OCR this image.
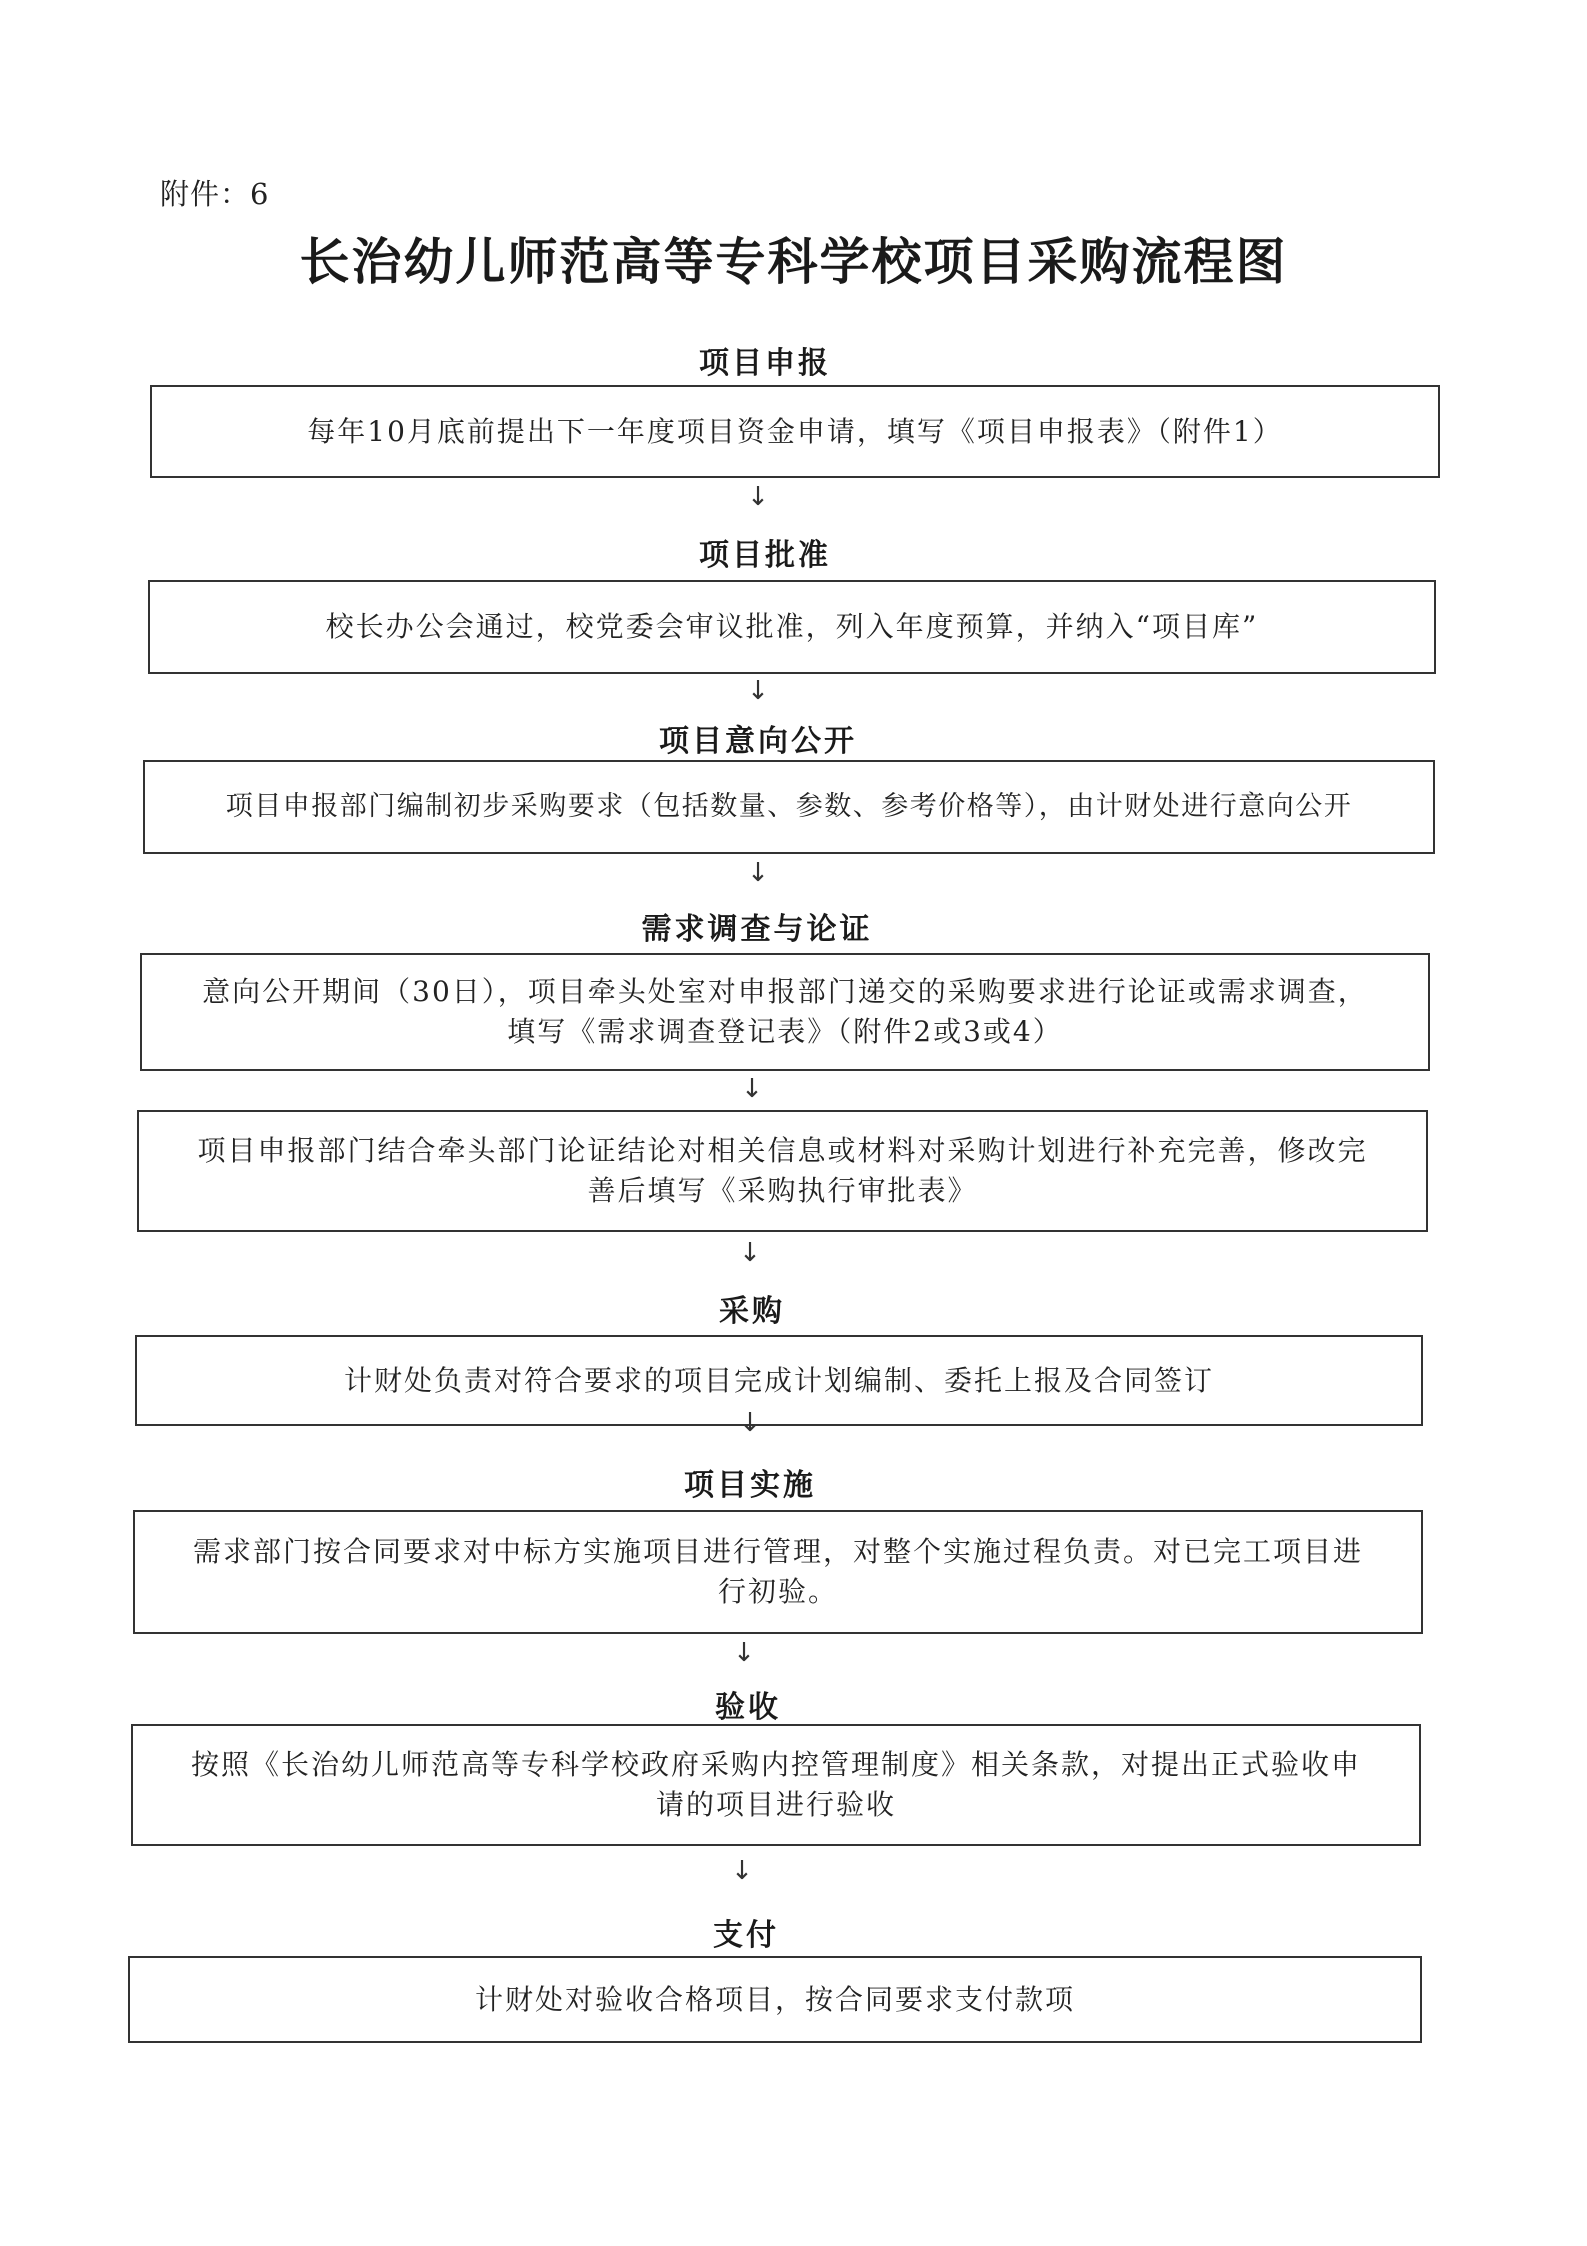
附件：6
长治幼儿师范高等专科学校项目采购流程图
项目申报
每年10月底前提出下一年度项目资金申请，填写《项目申报表》（附件1）
↓
项目批准
校长办公会通过，校党委会审议批准，列入年度预算，并纳入“项目库”
↓
项目意向公开
项目申报部门编制初步采购要求（包括数量、参数、参考价格等），由计财处进行意向公开
↓
需求调查与论证
意向公开期间（30日），项目牵头处室对申报部门递交的采购要求进行论证或需求调查，
填写《需求调查登记表》（附件2或3或4）
↓
项目申报部门结合牵头部门论证结论对相关信息或材料对采购计划进行补充完善，修改完
善后填写《采购执行审批表》
↓
采购
计财处负责对符合要求的项目完成计划编制、委托上报及合同签订
↓
项目实施
需求部门按合同要求对中标方实施项目进行管理，对整个实施过程负责。对已完工项目进
行初验。
↓
验收
按照《长治幼儿师范高等专科学校政府采购内控管理制度》相关条款，对提出正式验收申
请的项目进行验收
↓
支付
计财处对验收合格项目，按合同要求支付款项
